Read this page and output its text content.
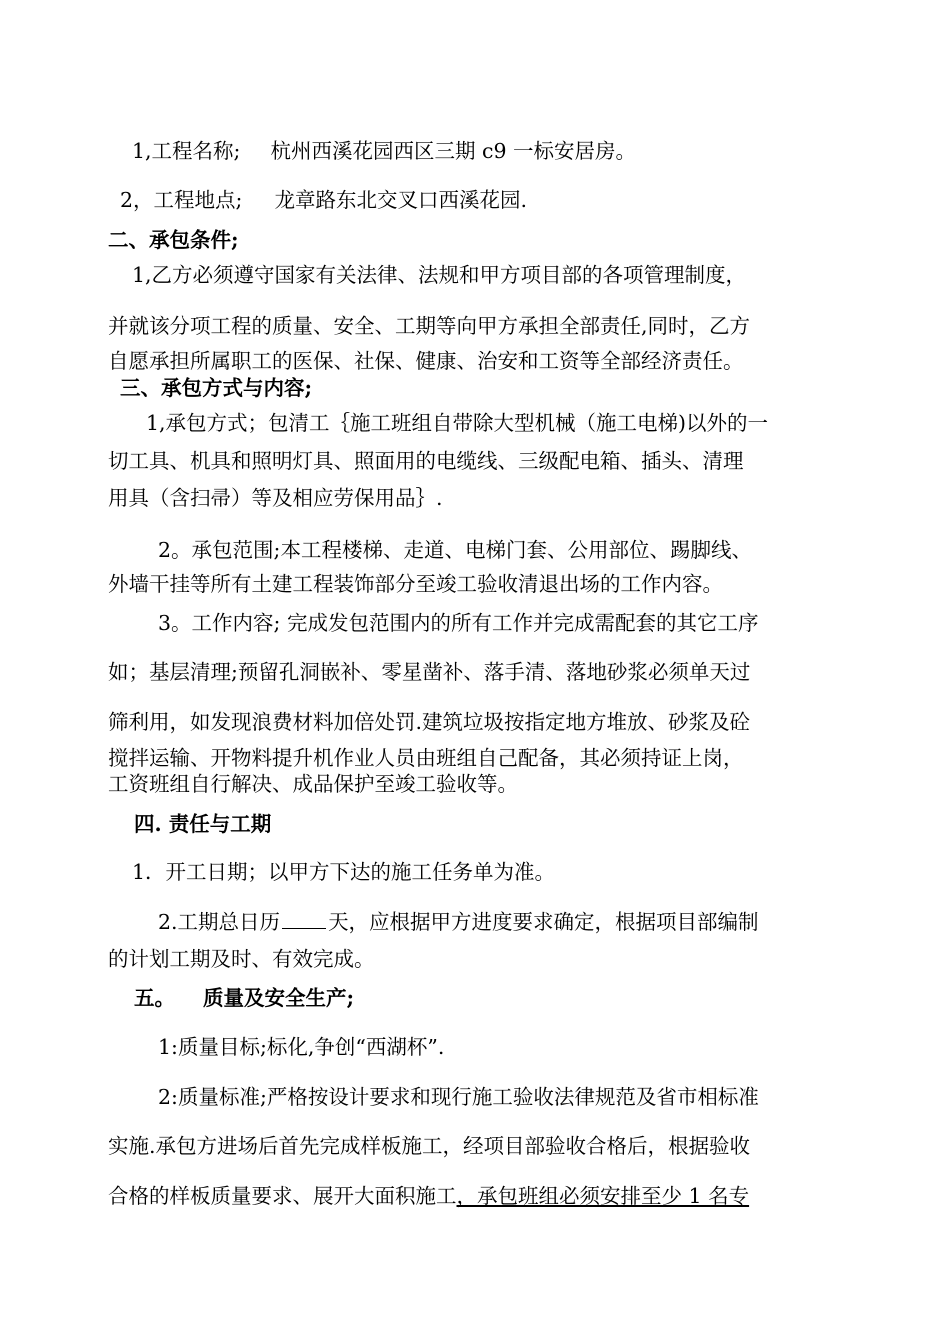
1,工程名称; 杭州西溪花园西区三期 c9 一标安居房。
2，工程地点; 龙章路东北交叉口西溪花园.
二、承包条件;
1,乙方必须遵守国家有关法律、法规和甲方项目部的各项管理制度，
并就该分项工程的质量、安全、工期等向甲方承担全部责任,同时，乙方
自愿承担所属职工的医保、社保、健康、治安和工资等全部经济责任。
三、承包方式与内容;
1,承包方式；包清工｛施工班组自带除大型机械（施工电梯)以外的一
切工具、机具和照明灯具、照面用的电缆线、三级配电箱、插头、清理
用具（含扫帚）等及相应劳保用品｝.
2。承包范围;本工程楼梯、走道、电梯门套、公用部位、踢脚线、
外墙干挂等所有土建工程装饰部分至竣工验收清退出场的工作内容。
3。工作内容; 完成发包范围内的所有工作并完成需配套的其它工序
如；基层清理;预留孔洞嵌补、零星凿补、落手清、落地砂浆必须单天过
筛利用，如发现浪费材料加倍处罚.建筑垃圾按指定地方堆放、砂浆及砼
搅拌运输、开物料提升机作业人员由班组自己配备，其必须持证上岗，
工资班组自行解决、成品保护至竣工验收等。
四. 责任与工期
1．开工日期；以甲方下达的施工任务单为准。
2.工期总日历 天，应根据甲方进度要求确定，根据项目部编制
的计划工期及时、有效完成。
五。 质量及安全生产;
1:质量目标;标化,争创“西湖杯”.
2:质量标准;严格按设计要求和现行施工验收法律规范及省市相标准
实施.承包方进场后首先完成样板施工，经项目部验收合格后，根据验收
合格的样板质量要求、展开大面积施工，承包班组必须安排至少 1 名专
